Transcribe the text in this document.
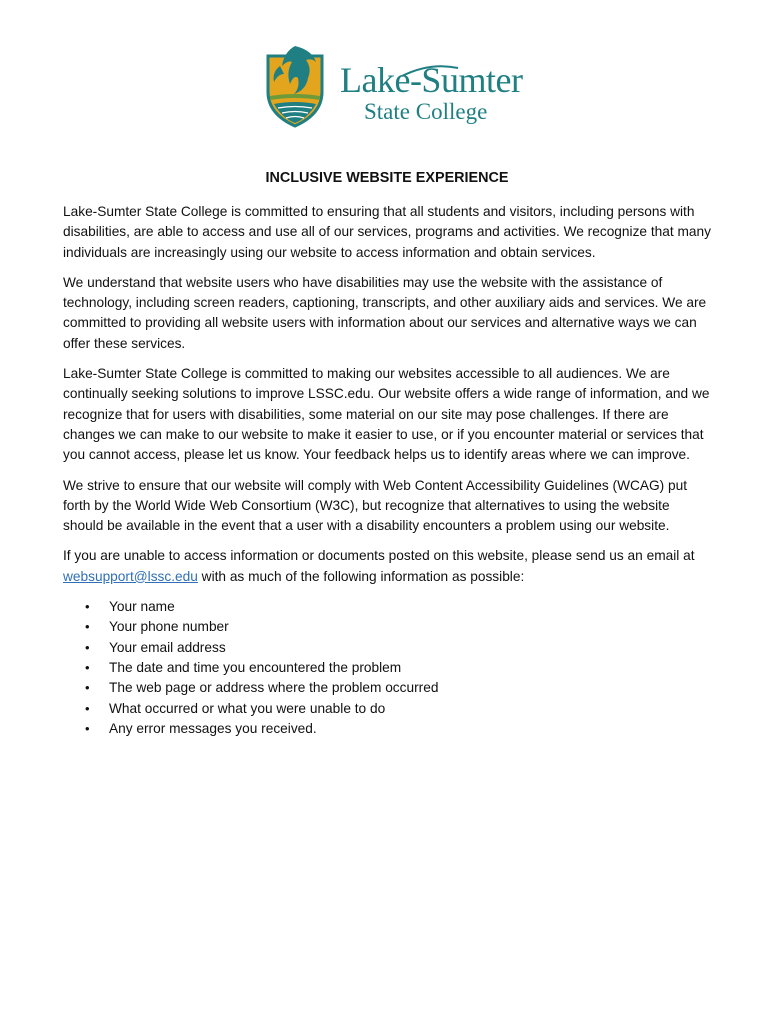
Lake-Sumter
State College
INCLUSIVE WEBSITE EXPERIENCE

Lake-Sumter State College is committed to ensuring that all students and visitors, including persons with disabilities, are able to access and use all of our services, programs and activities. We recognize that many individuals are increasingly using our website to access information and obtain services.

We understand that website users who have disabilities may use the website with the assistance of technology, including screen readers, captioning, transcripts, and other auxiliary aids and services. We are committed to providing all website users with information about our services and alternative ways we can offer these services.

Lake-Sumter State College is committed to making our websites accessible to all audiences. We are continually seeking solutions to improve LSSC.edu. Our website offers a wide range of information, and we recognize that for users with disabilities, some material on our site may pose challenges. If there are changes we can make to our website to make it easier to use, or if you encounter material or services that you cannot access, please let us know. Your feedback helps us to identify areas where we can improve.

We strive to ensure that our website will comply with Web Content Accessibility Guidelines (WCAG) put forth by the World Wide Web Consortium (W3C), but recognize that alternatives to using the website should be available in the event that a user with a disability encounters a problem using our website.

If you are unable to access information or documents posted on this website, please send us an email at websupport@lssc.edu with as much of the following information as possible:

• Your name
• Your phone number
• Your email address
• The date and time you encountered the problem
• The web page or address where the problem occurred
• What occurred or what you were unable to do
• Any error messages you received.
